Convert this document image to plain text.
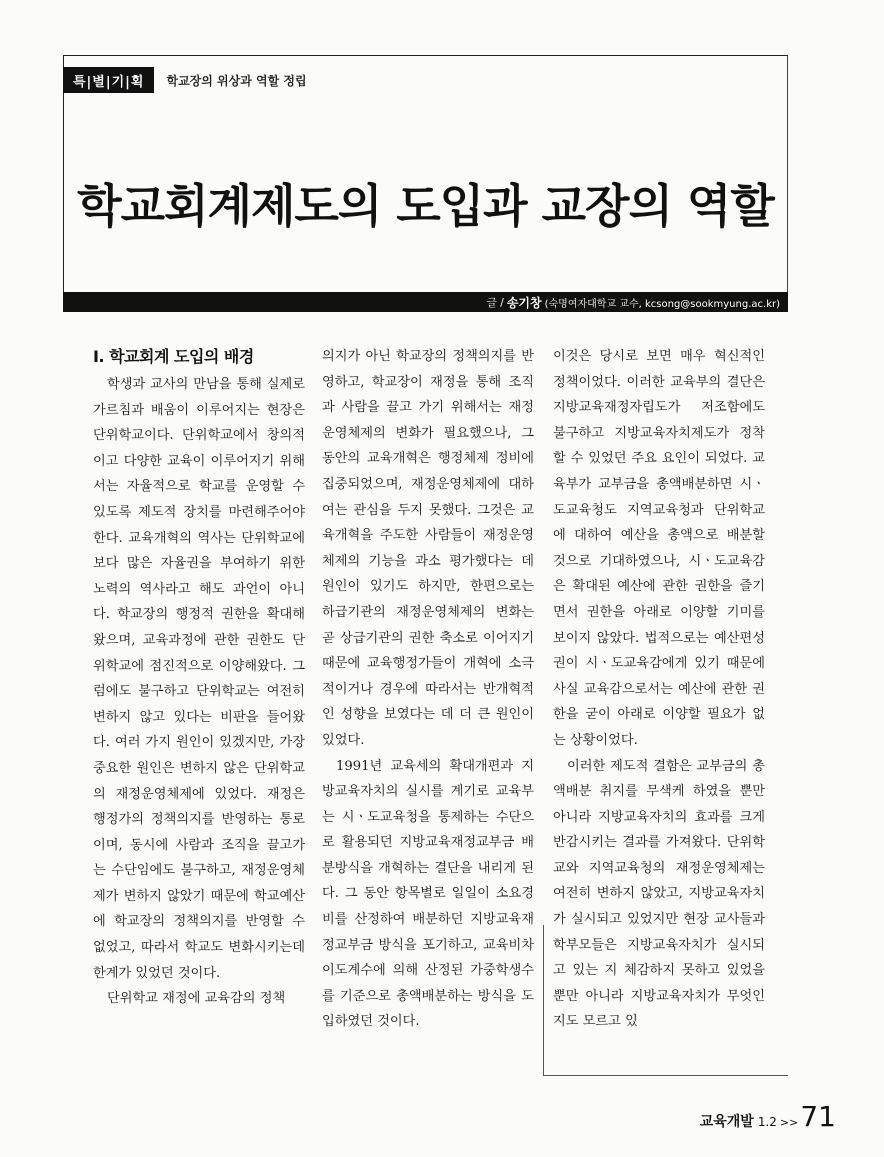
특|별|기|획	학교장의 위상과 역할 정립
학교회계제도의 도입과 교장의 역할
글 / 송기창 (숙명여자대학교 교수, kcsong@sookmyung.ac.kr)
Ⅰ. 학교회계 도입의 배경

학생과 교사의 만남을 통해 실제로 가르침과 배움이 이루어지는 현장은 단위학교이다. 단위학교에서 창의적이고 다양한 교육이 이루어지기 위해서는 자율적으로 학교를 운영할 수 있도록 제도적 장치를 마련해주어야 한다. 교육개혁의 역사는 단위학교에 보다 많은 자율권을 부여하기 위한 노력의 역사라고 해도 과언이 아니다. 학교장의 행정적 권한을 확대해왔으며, 교육과정에 관한 권한도 단위학교에 점진적으로 이양해왔다. 그럼에도 불구하고 단위학교는 여전히 변하지 않고 있다는 비판을 들어왔다. 여러 가지 원인이 있겠지만, 가장 중요한 원인은 변하지 않은 단위학교의 재정운영체제에 있었다. 재정은 행정가의 정책의지를 반영하는 통로이며, 동시에 사람과 조직을 끌고가는 수단임에도 불구하고, 재정운영체제가 변하지 않았기 때문에 학교예산에 학교장의 정책의지를 반영할 수 없었고, 따라서 학교도 변화시키는데 한계가 있었던 것이다.

단위학교 재정에 교육감의 정책

의지가 아닌 학교장의 정책의지를 반영하고, 학교장이 재정을 통해 조직과 사람을 끌고 가기 위해서는 재정운영체제의 변화가 필요했으나, 그 동안의 교육개혁은 행정체제 정비에 집중되었으며, 재정운영체제에 대하여는 관심을 두지 못했다. 그것은 교육개혁을 주도한 사람들이 재정운영체제의 기능을 과소 평가했다는 데 원인이 있기도 하지만, 한편으로는 하급기관의 재정운영체제의 변화는 곧 상급기관의 권한 축소로 이어지기 때문에 교육행정가들이 개혁에 소극적이거나 경우에 따라서는 반개혁적인 성향을 보였다는 데 더 큰 원인이 있었다.

1991년 교육세의 확대개편과 지방교육자치의 실시를 계기로 교육부는 시ㆍ도교육청을 통제하는 수단으로 활용되던 지방교육재정교부금 배분방식을 개혁하는 결단을 내리게 된다. 그 동안 항목별로 일일이 소요경비를 산정하여 배분하던 지방교육재정교부금 방식을 포기하고, 교육비차이도계수에 의해 산정된 가중학생수를 기준으로 총액배분하는 방식을 도입하였던 것이다.

이것은 당시로 보면 매우 혁신적인 정책이었다. 이러한 교육부의 결단은 지방교육재정자립도가 저조함에도 불구하고 지방교육자치제도가 정착할 수 있었던 주요 요인이 되었다. 교육부가 교부금을 총액배분하면 시ㆍ도교육청도 지역교육청과 단위학교에 대하여 예산을 총액으로 배분할 것으로 기대하였으나, 시ㆍ도교육감은 확대된 예산에 관한 권한을 즐기면서 권한을 아래로 이양할 기미를 보이지 않았다. 법적으로는 예산편성권이 시ㆍ도교육감에게 있기 때문에 사실 교육감으로서는 예산에 관한 권한을 굳이 아래로 이양할 필요가 없는 상황이었다.

이러한 제도적 결함은 교부금의 총액배분 취지를 무색케 하였을 뿐만 아니라 지방교육자치의 효과를 크게 반감시키는 결과를 가져왔다. 단위학교와 지역교육청의 재정운영체제는 여전히 변하지 않았고, 지방교육자치가 실시되고 있었지만 현장 교사들과 학부모들은 지방교육자치가 실시되고 있는 지 체감하지 못하고 있었을 뿐만 아니라 지방교육자치가 무엇인지도 모르고 있

교육개발 1.2 >> 71
